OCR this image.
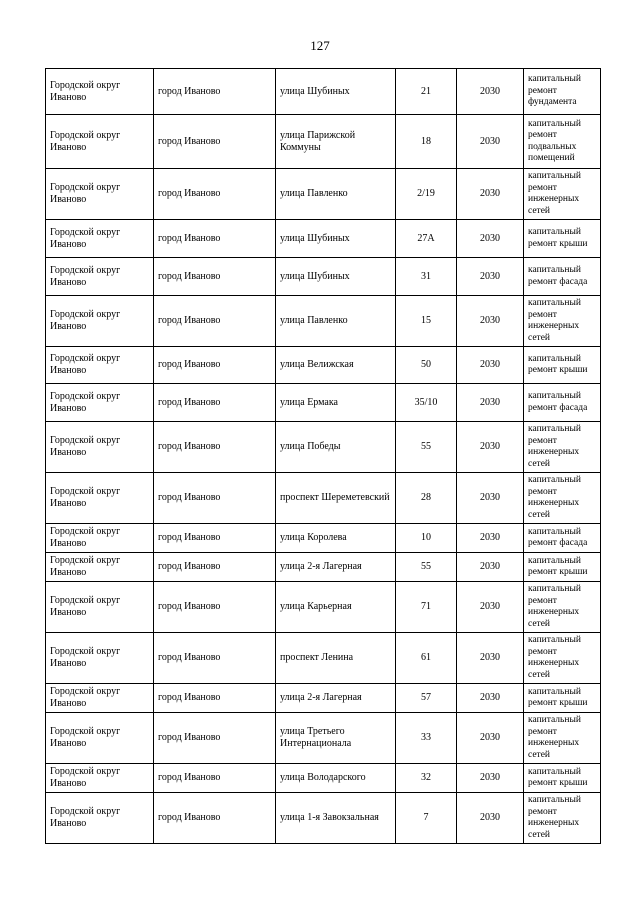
127
Городской округ Иваново	город Иваново	улица Шубиных	21	2030	капитальный ремонт фундамента
Городской округ Иваново	город Иваново	улица Парижской Коммуны	18	2030	капитальный ремонт подвальных помещений
Городской округ Иваново	город Иваново	улица Павленко	2/19	2030	капитальный ремонт инженерных сетей
Городской округ Иваново	город Иваново	улица Шубиных	27А	2030	капитальный ремонт крыши
Городской округ Иваново	город Иваново	улица Шубиных	31	2030	капитальный ремонт фасада
Городской округ Иваново	город Иваново	улица Павленко	15	2030	капитальный ремонт инженерных сетей
Городской округ Иваново	город Иваново	улица Велижская	50	2030	капитальный ремонт крыши
Городской округ Иваново	город Иваново	улица Ермака	35/10	2030	капитальный ремонт фасада
Городской округ Иваново	город Иваново	улица Победы	55	2030	капитальный ремонт инженерных сетей
Городской округ Иваново	город Иваново	проспект Шереметевский	28	2030	капитальный ремонт инженерных сетей
Городской округ Иваново	город Иваново	улица Королева	10	2030	капитальный ремонт фасада
Городской округ Иваново	город Иваново	улица 2-я Лагерная	55	2030	капитальный ремонт крыши
Городской округ Иваново	город Иваново	улица Карьерная	71	2030	капитальный ремонт инженерных сетей
Городской округ Иваново	город Иваново	проспект Ленина	61	2030	капитальный ремонт инженерных сетей
Городской округ Иваново	город Иваново	улица 2-я Лагерная	57	2030	капитальный ремонт крыши
Городской округ Иваново	город Иваново	улица Третьего Интернационала	33	2030	капитальный ремонт инженерных сетей
Городской округ Иваново	город Иваново	улица Володарского	32	2030	капитальный ремонт крыши
Городской округ Иваново	город Иваново	улица 1-я Завокзальная	7	2030	капитальный ремонт инженерных сетей
